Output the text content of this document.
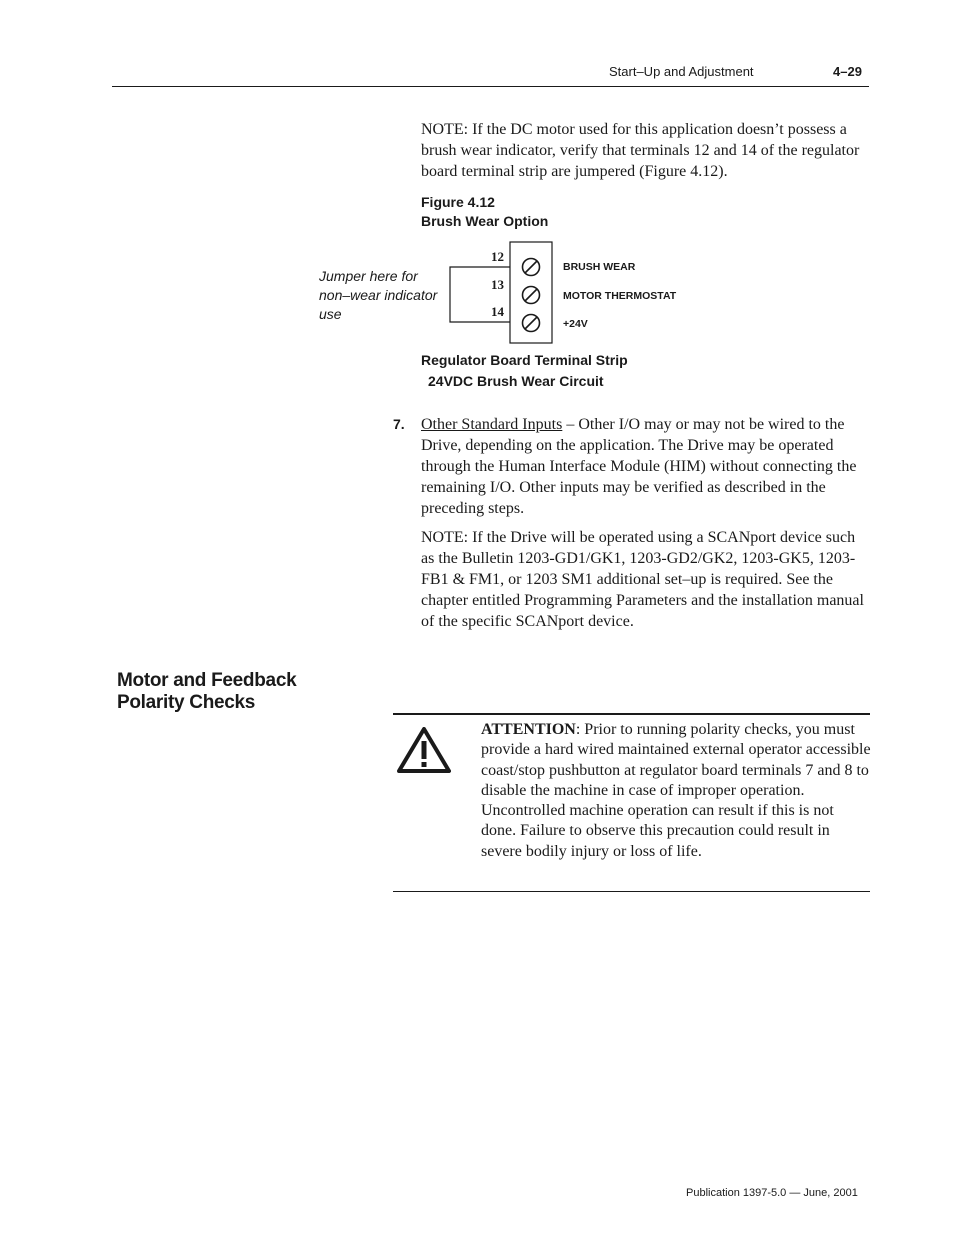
Start–Up and Adjustment	4–29
NOTE: If the DC motor used for this application doesn’t possess a brush wear indicator, verify that terminals 12 and 14 of the regulator board terminal strip are jumpered (Figure 4.12).
Figure 4.12
Brush Wear Option
Jumper here for non–wear indicator use
12
13
14
BRUSH WEAR
MOTOR THERMOSTAT
+24V
Regulator Board Terminal Strip
24VDC Brush Wear Circuit
7. Other Standard Inputs – Other I/O may or may not be wired to the Drive, depending on the application. The Drive may be operated through the Human Interface Module (HIM) without connecting the remaining I/O. Other inputs may be verified as described in the preceding steps.
NOTE: If the Drive will be operated using a SCANport device such as the Bulletin 1203-GD1/GK1, 1203-GD2/GK2, 1203-GK5, 1203-FB1 & FM1, or 1203 SM1 additional set–up is required. See the chapter entitled Programming Parameters and the installation manual of the specific SCANport device.
Motor and Feedback
Polarity Checks
ATTENTION: Prior to running polarity checks, you must provide a hard wired maintained external operator accessible coast/stop pushbutton at regulator board terminals 7 and 8 to disable the machine in case of improper operation. Uncontrolled machine operation can result if this is not done. Failure to observe this precaution could result in severe bodily injury or loss of life.
Publication 1397-5.0 — June, 2001
